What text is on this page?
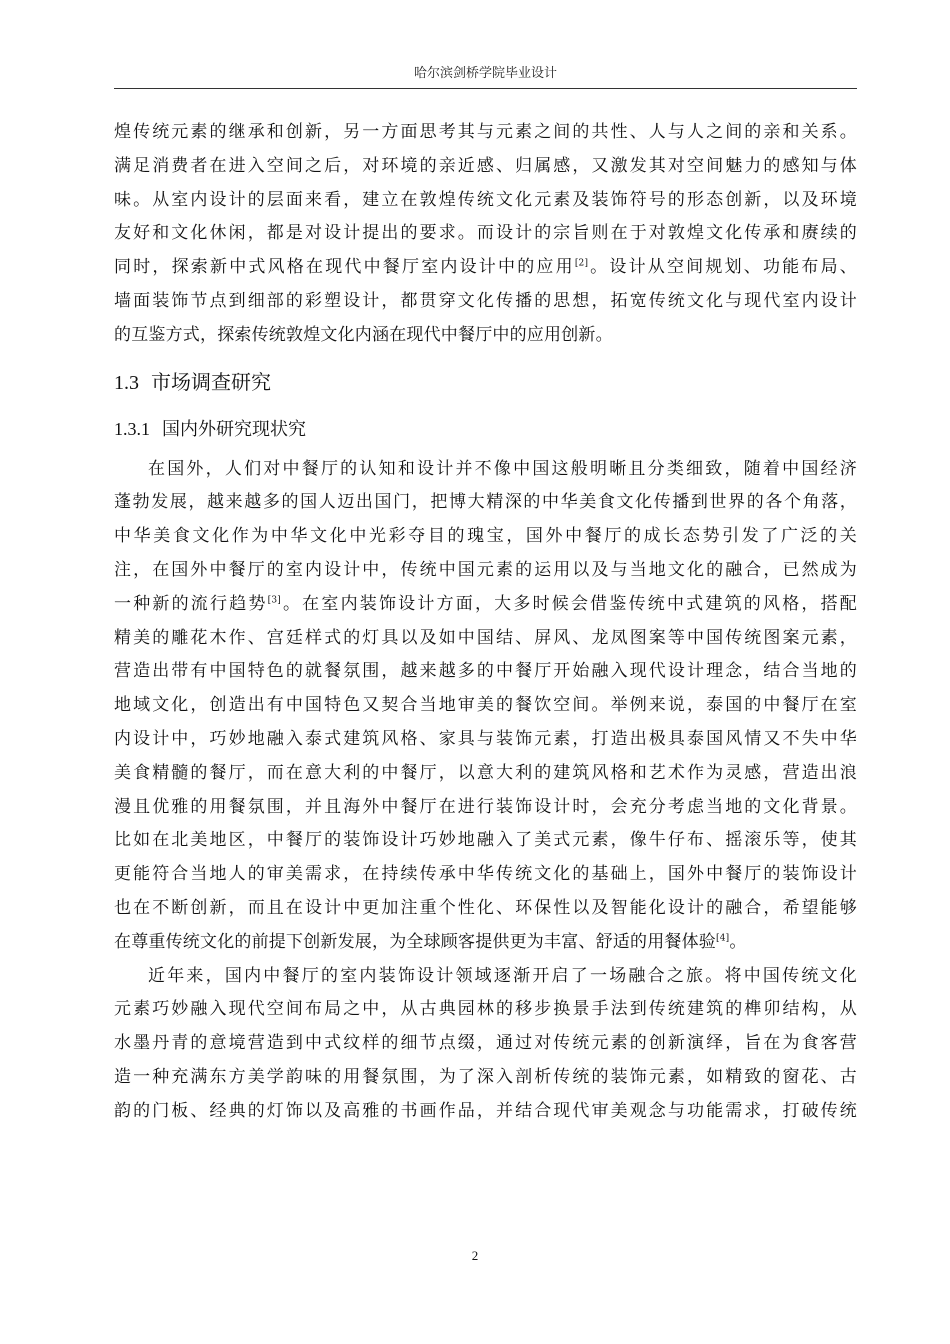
哈尔滨剑桥学院毕业设计
煌传统元素的继承和创新，另一方面思考其与元素之间的共性、人与人之间的亲和关系。
满足消费者在进入空间之后，对环境的亲近感、归属感，又激发其对空间魅力的感知与体
味。从室内设计的层面来看，建立在敦煌传统文化元素及装饰符号的形态创新，以及环境
友好和文化休闲，都是对设计提出的要求。而设计的宗旨则在于对敦煌文化传承和赓续的
同时，探索新中式风格在现代中餐厅室内设计中的应用[2]。设计从空间规划、功能布局、
墙面装饰节点到细部的彩塑设计，都贯穿文化传播的思想，拓宽传统文化与现代室内设计
的互鉴方式，探索传统敦煌文化内涵在现代中餐厅中的应用创新。
1.3 市场调查研究
1.3.1 国内外研究现状究
在国外，人们对中餐厅的认知和设计并不像中国这般明晰且分类细致，随着中国经济
蓬勃发展，越来越多的国人迈出国门，把博大精深的中华美食文化传播到世界的各个角落，
中华美食文化作为中华文化中光彩夺目的瑰宝，国外中餐厅的成长态势引发了广泛的关
注，在国外中餐厅的室内设计中，传统中国元素的运用以及与当地文化的融合，已然成为
一种新的流行趋势[3]。在室内装饰设计方面，大多时候会借鉴传统中式建筑的风格，搭配
精美的雕花木作、宫廷样式的灯具以及如中国结、屏风、龙凤图案等中国传统图案元素，
营造出带有中国特色的就餐氛围，越来越多的中餐厅开始融入现代设计理念，结合当地的
地域文化，创造出有中国特色又契合当地审美的餐饮空间。举例来说，泰国的中餐厅在室
内设计中，巧妙地融入泰式建筑风格、家具与装饰元素，打造出极具泰国风情又不失中华
美食精髓的餐厅，而在意大利的中餐厅，以意大利的建筑风格和艺术作为灵感，营造出浪
漫且优雅的用餐氛围，并且海外中餐厅在进行装饰设计时，会充分考虑当地的文化背景。
比如在北美地区，中餐厅的装饰设计巧妙地融入了美式元素，像牛仔布、摇滚乐等，使其
更能符合当地人的审美需求，在持续传承中华传统文化的基础上，国外中餐厅的装饰设计
也在不断创新，而且在设计中更加注重个性化、环保性以及智能化设计的融合，希望能够
在尊重传统文化的前提下创新发展，为全球顾客提供更为丰富、舒适的用餐体验[4]。
近年来，国内中餐厅的室内装饰设计领域逐渐开启了一场融合之旅。将中国传统文化
元素巧妙融入现代空间布局之中，从古典园林的移步换景手法到传统建筑的榫卯结构，从
水墨丹青的意境营造到中式纹样的细节点缀，通过对传统元素的创新演绎，旨在为食客营
造一种充满东方美学韵味的用餐氛围，为了深入剖析传统的装饰元素，如精致的窗花、古
韵的门板、经典的灯饰以及高雅的书画作品，并结合现代审美观念与功能需求，打破传统
2
